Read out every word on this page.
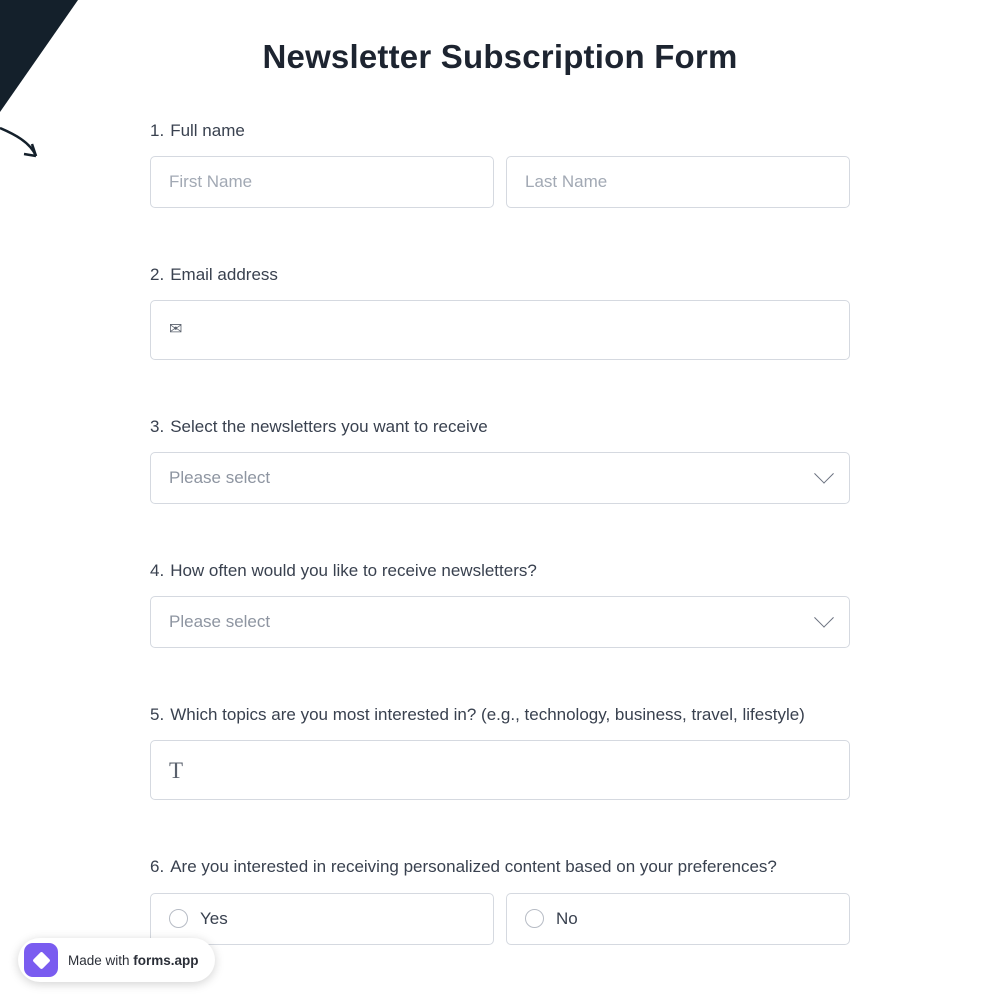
Newsletter Subscription Form
1. Full name
First Name
Last Name
2. Email address
✉
3. Select the newsletters you want to receive
Please select
4. How often would you like to receive newsletters?
Please select
5. Which topics are you most interested in? (e.g., technology, business, travel, lifestyle)
T
6. Are you interested in receiving personalized content based on your preferences?
Yes	No
Made with forms.app
